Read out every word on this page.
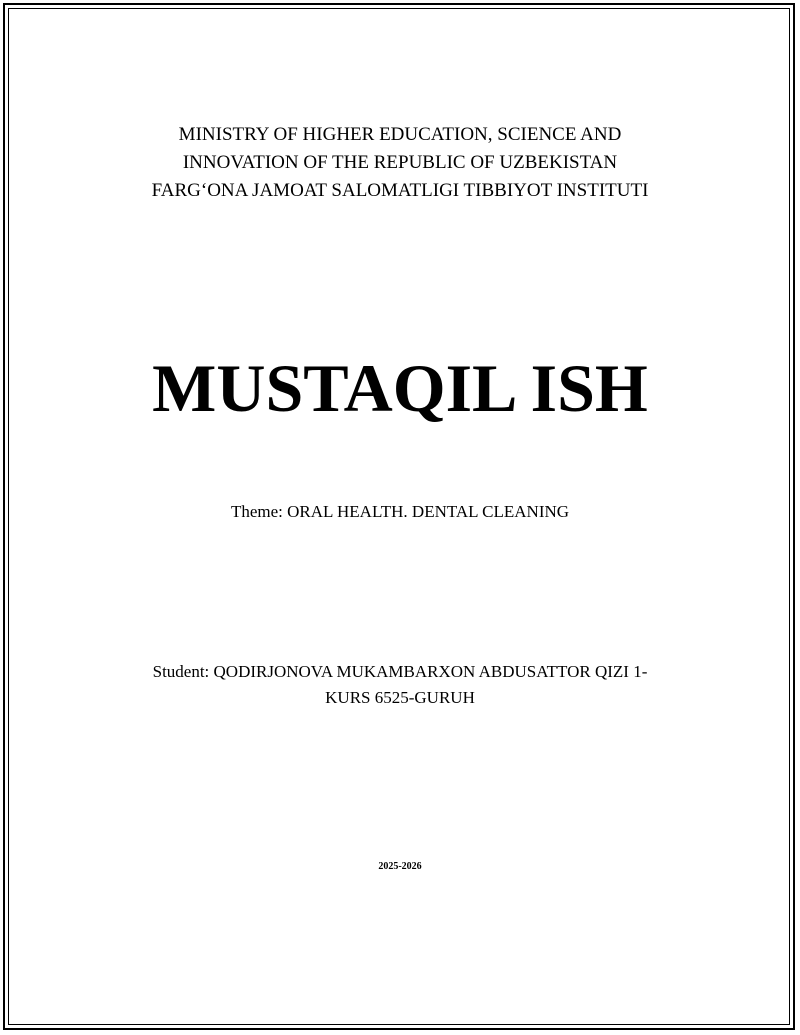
MINISTRY OF HIGHER EDUCATION, SCIENCE AND
INNOVATION OF THE REPUBLIC OF UZBEKISTAN
FARG‘ONA JAMOAT SALOMATLIGI TIBBIYOT INSTITUTI
MUSTAQIL ISH
Theme: ORAL HEALTH. DENTAL CLEANING
Student: QODIRJONOVA MUKAMBARXON ABDUSATTOR QIZI 1-
KURS 6525-GURUH
2025-2026
